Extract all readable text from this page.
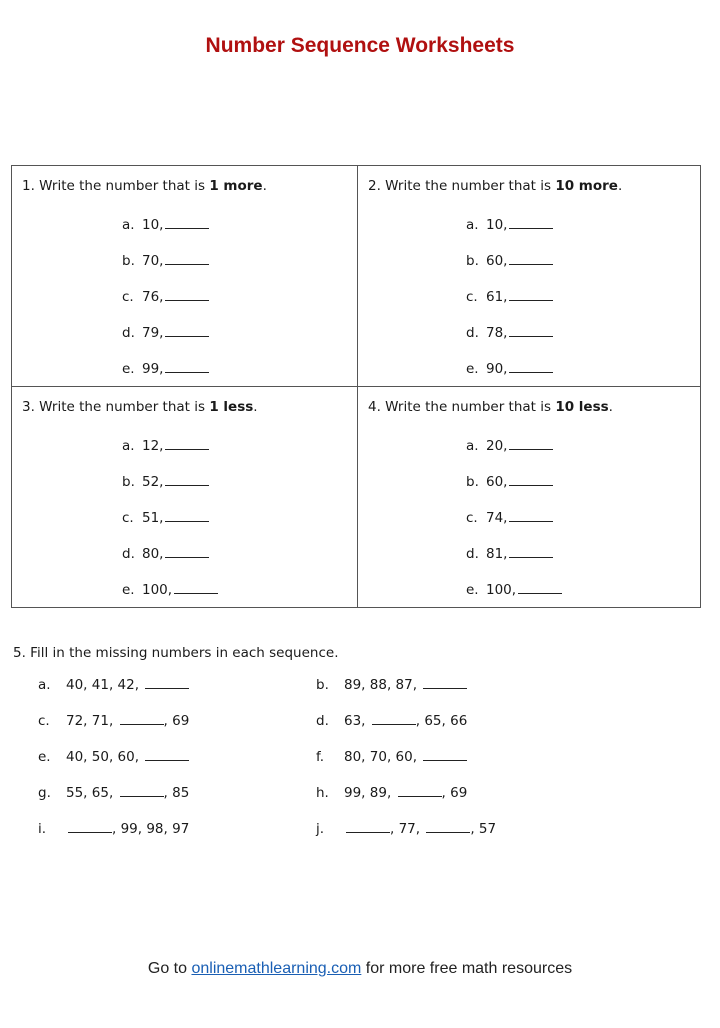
Number Sequence Worksheets
1. Write the number that is 1 more.
a. 10,
b. 70,
c. 76,
d. 79,
e. 99,
2. Write the number that is 10 more.
a. 10,
b. 60,
c. 61,
d. 78,
e. 90,
3. Write the number that is 1 less.
a. 12,
b. 52,
c. 51,
d. 80,
e. 100,
4. Write the number that is 10 less.
a. 20,
b. 60,
c. 74,
d. 81,
e. 100,
5. Fill in the missing numbers in each sequence.
a. 40, 41, 42,	b. 89, 88, 87,
c. 72, 71,	, 69	d. 63,	, 65, 66
e. 40, 50, 60,	f. 80, 70, 60,
g. 55, 65,	, 85	h. 99, 89,	, 69
i.	, 99, 98, 97	j.	, 77,	, 57
Go to onlinemathlearning.com for more free math resources
